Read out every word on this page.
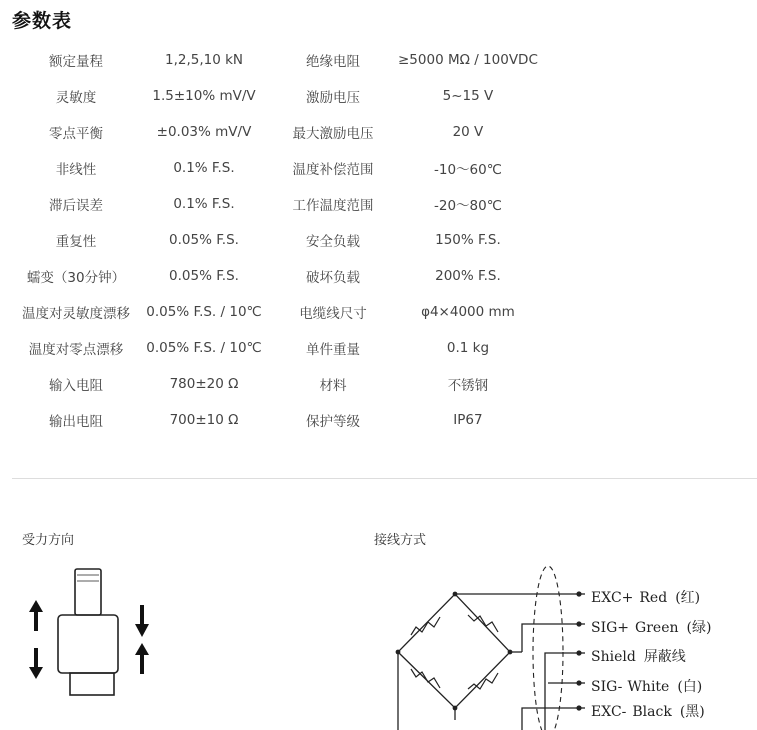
参数表
额定量程	1,2,5,10 kN	绝缘电阻	≥5000 MΩ / 100VDC
灵敏度	1.5±10% mV/V	激励电压	5~15 V
零点平衡	±0.03% mV/V	最大激励电压	20 V
非线性	0.1% F.S.	温度补偿范围	-10～60℃
滞后误差	0.1% F.S.	工作温度范围	-20～80℃
重复性	0.05% F.S.	安全负载	150% F.S.
蠕变（30分钟）	0.05% F.S.	破坏负载	200% F.S.
温度对灵敏度漂移	0.05% F.S. / 10℃	电缆线尺寸	φ4×4000 mm
温度对零点漂移	0.05% F.S. / 10℃	单件重量	0.1 kg
输入电阻	780±20 Ω	材料	不锈钢
输出电阻	700±10 Ω	保护等级	IP67
受力方向	接线方式
EXC+ Red (红)
SIG+ Green (绿)
Shield 屏蔽线
SIG- White (白)
EXC- Black (黑)
